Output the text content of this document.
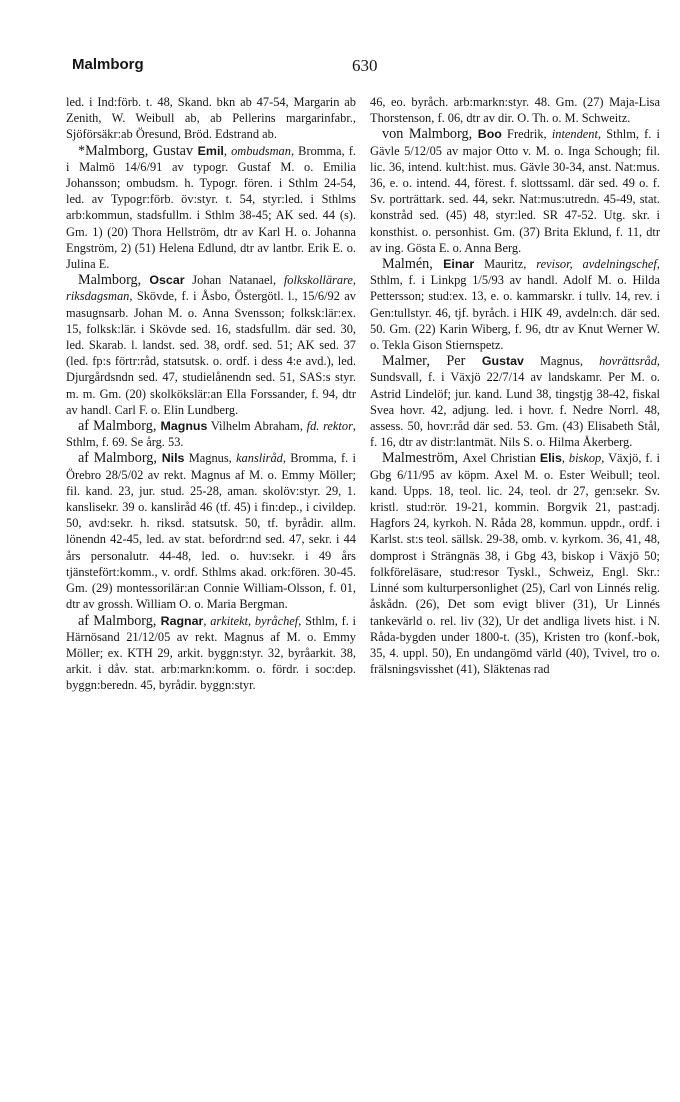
Malmborg	630

led. i Ind:förb. t. 48, Skand. bkn ab 47-54, Margarin ab Zenith, W. Weibull ab, ab Pellerins margarinfabr., Sjöförsäkr:ab Öresund, Bröd. Edstrand ab.

*Malmborg, Gustav Emil, ombudsman, Bromma, f. i Malmö 14/6/91 av typogr. Gustaf M. o. Emilia Johansson; ombudsm. h. Typogr. fören. i Sthlm 24-54, led. av Typogr:förb. öv:styr. t. 54, styr:led. i Sthlms arb:kommun, stadsfullm. i Sthlm 38-45; AK sed. 44 (s). Gm. 1) (20) Thora Hellström, dtr av Karl H. o. Johanna Engström, 2) (51) Helena Edlund, dtr av lantbr. Erik E. o. Julina E.

Malmborg, Oscar Johan Natanael, folkskollärare, riksdagsman, Skövde, f. i Åsbo, Östergötl. l., 15/6/92 av masugnsarb. Johan M. o. Anna Svensson; folksk:lär:ex. 15, folksk:lär. i Skövde sed. 16, stadsfullm. där sed. 30, led. Skarab. l. landst. sed. 38, ordf. sed. 51; AK sed. 37 (led. fp:s förtr:råd, statsutsk. o. ordf. i dess 4:e avd.), led. Djurgårdsndn sed. 47, studielånendn sed. 51, SAS:s styr. m. m. Gm. (20) skolkökslär:an Ella Forssander, f. 94, dtr av handl. Carl F. o. Elin Lundberg.

af Malmborg, Magnus Vilhelm Abraham, fd. rektor, Sthlm, f. 69. Se årg. 53.

af Malmborg, Nils Magnus, kansliråd, Bromma, f. i Örebro 28/5/02 av rekt. Magnus af M. o. Emmy Möller; fil. kand. 23, jur. stud. 25-28, aman. skolöv:styr. 29, 1. kanslisekr. 39 o. kansliråd 46 (tf. 45) i fin:dep., i civildep. 50, avd:sekr. h. riksd. statsutsk. 50, tf. byrådir. allm. lönendn 42-45, led. av stat. befordr:nd sed. 47, sekr. i 44 års personalutr. 44-48, led. o. huv:sekr. i 49 års tjänstefört:komm., v. ordf. Sthlms akad. ork:fören. 30-45. Gm. (29) montessorilär:an Connie William-Olsson, f. 01, dtr av grossh. William O. o. Maria Bergman.

af Malmborg, Ragnar, arkitekt, byråchef, Sthlm, f. i Härnösand 21/12/05 av rekt. Magnus af M. o. Emmy Möller; ex. KTH 29, arkit. byggn:styr. 32, byråarkit. 38, arkit. i dåv. stat. arb:markn:komm. o. fördr. i soc:dep. byggn:beredn. 45, byrådir. byggn:styr.

46, eo. byråch. arb:markn:styr. 48. Gm. (27) Maja-Lisa Thorstenson, f. 06, dtr av dir. O. Th. o. M. Schweitz.

von Malmborg, Boo Fredrik, intendent, Sthlm, f. i Gävle 5/12/05 av major Otto v. M. o. Inga Schough; fil. lic. 36, intend. kult:hist. mus. Gävle 30-34, anst. Nat:mus. 36, e. o. intend. 44, förest. f. slottssaml. där sed. 49 o. f. Sv. porträttark. sed. 44, sekr. Nat:mus:utredn. 45-49, stat. konstråd sed. (45) 48, styr:led. SR 47-52. Utg. skr. i konsthist. o. personhist. Gm. (37) Brita Eklund, f. 11, dtr av ing. Gösta E. o. Anna Berg.

Malmén, Einar Mauritz, revisor, avdelningschef, Sthlm, f. i Linkpg 1/5/93 av handl. Adolf M. o. Hilda Pettersson; stud:ex. 13, e. o. kammarskr. i tullv. 14, rev. i Gen:tullstyr. 46, tjf. byråch. i HIK 49, avdeln:ch. där sed. 50. Gm. (22) Karin Wiberg, f. 96, dtr av Knut Werner W. o. Tekla Gison Stiernspetz.

Malmer, Per Gustav Magnus, hovrättsråd, Sundsvall, f. i Växjö 22/7/14 av landskamr. Per M. o. Astrid Lindelöf; jur. kand. Lund 38, tingstjg 38-42, fiskal Svea hovr. 42, adjung. led. i hovr. f. Nedre Norrl. 48, assess. 50, hovr:råd där sed. 53. Gm. (43) Elisabeth Stål, f. 16, dtr av distr:lantmät. Nils S. o. Hilma Åkerberg.

Malmeström, Axel Christian Elis, biskop, Växjö, f. i Gbg 6/11/95 av köpm. Axel M. o. Ester Weibull; teol. kand. Upps. 18, teol. lic. 24, teol. dr 27, gen:sekr. Sv. kristl. stud:rör. 19-21, kommin. Borgvik 21, past:adj. Hagfors 24, kyrkoh. N. Råda 28, kommun. uppdr., ordf. i Karlst. st:s teol. sällsk. 29-38, omb. v. kyrkom. 36, 41, 48, domprost i Strängnäs 38, i Gbg 43, biskop i Växjö 50; folkföreläsare, stud:resor Tyskl., Schweiz, Engl. Skr.: Linné som kulturpersonlighet (25), Carl von Linnés relig. åskådn. (26), Det som evigt bliver (31), Ur Linnés tankevärld o. rel. liv (32), Ur det andliga livets hist. i N. Råda-bygden under 1800-t. (35), Kristen tro (konf.-bok, 35, 4. uppl. 50), En undangömd värld (40), Tvivel, tro o. frälsningsvisshet (41), Släktenas rad
